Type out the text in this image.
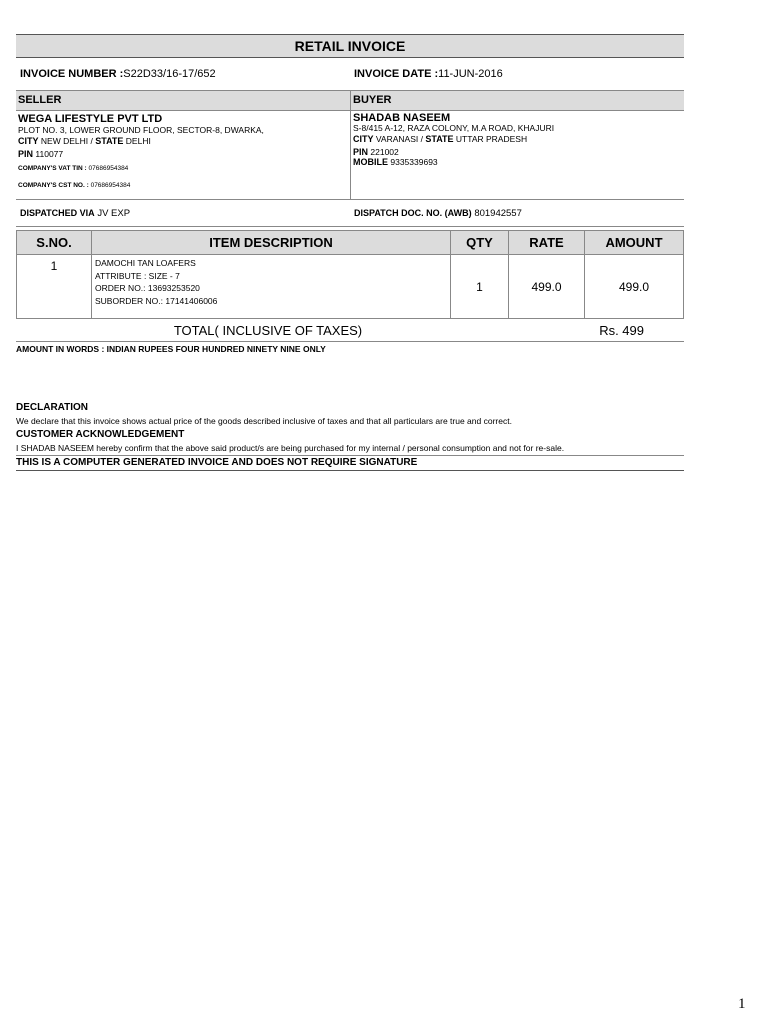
RETAIL INVOICE
INVOICE NUMBER :S22D33/16-17/652	INVOICE DATE :11-JUN-2016
SELLER	BUYER
WEGA LIFESTYLE PVT LTD
PLOT NO. 3, LOWER GROUND FLOOR, SECTOR-8, DWARKA,
CITY NEW DELHI / STATE DELHI
PIN 110077
COMPANY'S VAT TIN : 07686954384
COMPANY'S CST NO. : 07686954384
SHADAB NASEEM
S-8/415 A-12, RAZA COLONY, M.A ROAD, KHAJURI
CITY VARANASI / STATE UTTAR PRADESH
PIN 221002
MOBILE 9335339693
DISPATCHED VIA JV EXP	DISPATCH DOC. NO. (AWB) 801942557
S.NO.	ITEM DESCRIPTION	QTY	RATE	AMOUNT
1	DAMOCHI TAN LOAFERS
ATTRIBUTE : SIZE - 7
ORDER NO.: 13693253520
SUBORDER NO.: 17141406006	1	499.0	499.0
TOTAL( INCLUSIVE OF TAXES)	Rs. 499
AMOUNT IN WORDS : INDIAN RUPEES FOUR HUNDRED NINETY NINE ONLY
DECLARATION
We declare that this invoice shows actual price of the goods described inclusive of taxes and that all particulars are true and correct.
CUSTOMER ACKNOWLEDGEMENT
I SHADAB NASEEM hereby confirm that the above said product/s are being purchased for my internal / personal consumption and not for re-sale.
THIS IS A COMPUTER GENERATED INVOICE AND DOES NOT REQUIRE SIGNATURE
1
